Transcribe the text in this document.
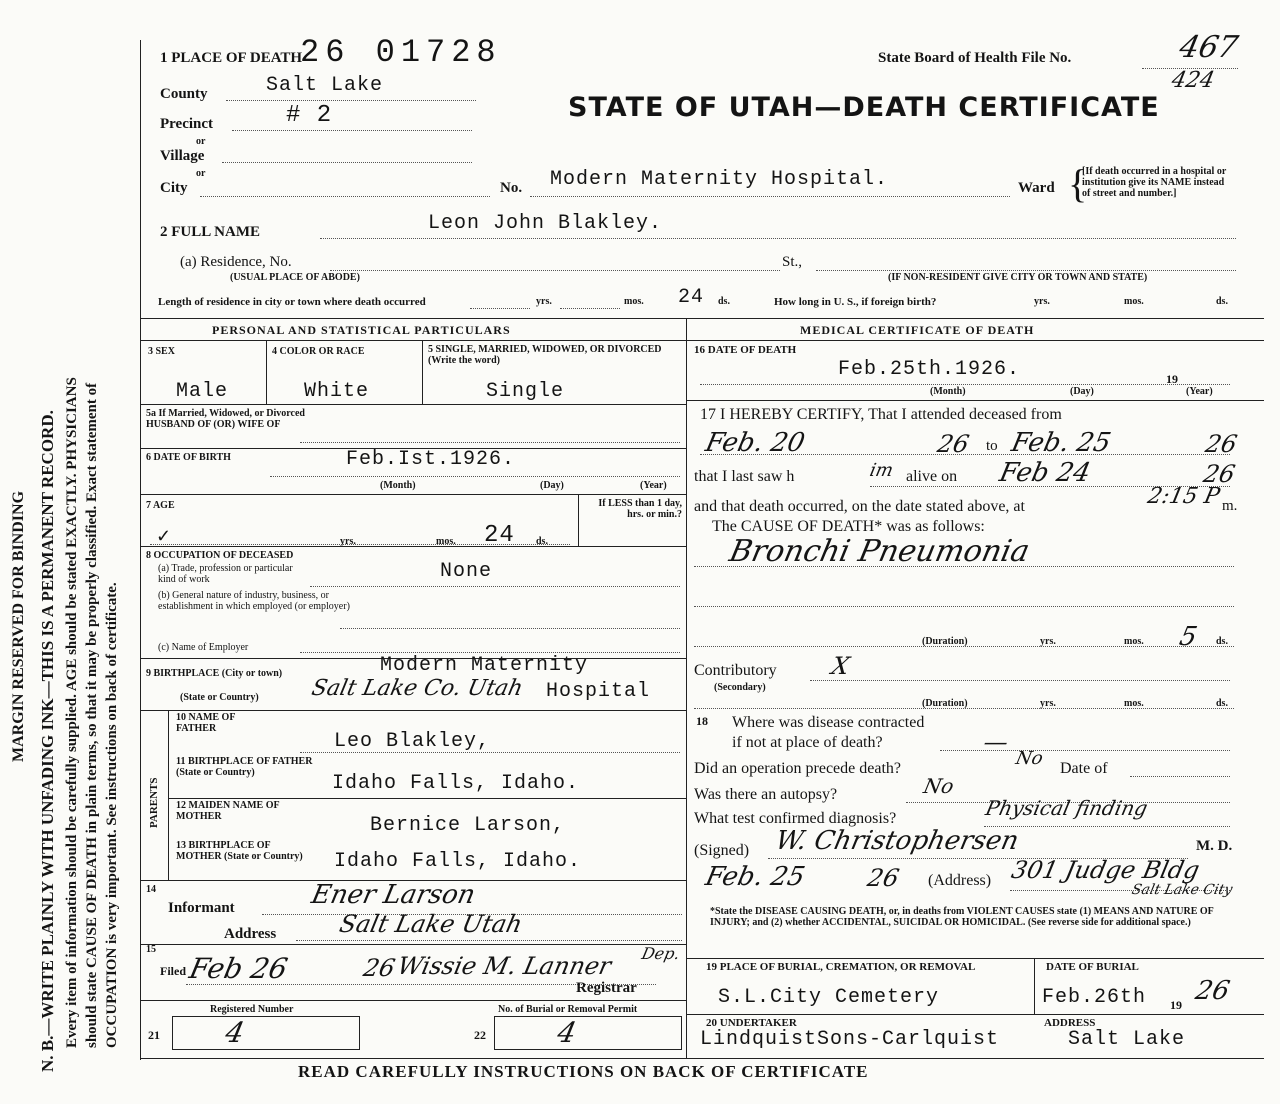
MARGIN RESERVED FOR BINDING N. B.—WRITE PLAINLY WITH UNFADING INK—THIS IS A PERMANENT RECORD. Every item of information should be carefully supplied. AGE should be stated EXACTLY. PHYSICIANS should state CAUSE OF DEATH in plain terms, so that it may be properly classified. Exact statement of OCCUPATION is very important. See instructions on back of certificate.
1 PLACE OF DEATH
26 01728	State Board of Health File No.	467
424
STATE OF UTAH—DEATH CERTIFICATE
County	Salt Lake
Precinct	# 2
or
Village
or
City	No. Modern Maternity Hospital.	Ward {
[If death occurred in a hospital or institution give its NAME instead of street and number.]
2 FULL NAME	Leon John Blakley.
(a) Residence, No.
(USUAL PLACE OF ABODE)
St.,
(IF NON-RESIDENT GIVE CITY OR TOWN AND STATE)
Length of residence in city or town where death occurred	yrs.	mos. 24 ds.	How long in U. S., if foreign birth?	yrs.	mos.	ds.
PERSONAL AND STATISTICAL PARTICULARS	MEDICAL CERTIFICATE OF DEATH
3 SEX
Male
4 COLOR OR RACE
White
5 SINGLE, MARRIED, WIDOWED, OR DIVORCED (Write the word)
Single
5a If Married, Widowed, or Divorced HUSBAND OF (OR) WIFE OF
6 DATE OF BIRTH	Feb.Ist.1926.
(Month)	(Day)	(Year)
7 AGE
✓	yrs.	mos. 24 ds.
If LESS than 1 day, hrs. or min.?
8 OCCUPATION OF DECEASED
(a) Trade, profession or particular kind of work	None
(b) General nature of industry, business, or establishment in which employed (or employer)
(c) Name of Employer
9 BIRTHPLACE (City or town)	Modern Maternity
(State or Country) Salt Lake Co. Utah Hospital
PARENTS
10 NAME OF FATHER
Leo Blakley,
11 BIRTHPLACE OF FATHER (State or Country)	Idaho Falls, Idaho.
12 MAIDEN NAME OF MOTHER	Bernice Larson,
13 BIRTHPLACE OF MOTHER (State or Country)	Idaho Falls, Idaho.
14
Informant	Ener Larson
Address	Salt Lake Utah
15
Filed Feb 26	26
Wissie M. Lanner Dep.
Registrar
Registered Number
21 4
No. of Burial or Removal Permit
22 4
16 DATE OF DEATH
Feb.25th.1926.	19
(Month)	(Day)	(Year)
17 I HEREBY CERTIFY, That I attended deceased from
Feb. 20	26 to Feb. 25	26
that I last saw h	im alive on Feb 24	26
and that death occurred, on the date stated above, at	2:15 P m.
The CAUSE OF DEATH* was as follows:
Bronchi Pneumonia
(Duration)	yrs.	mos. 5 ds.
Contributory
(Secondary)
X
(Duration)	yrs.	mos.	ds.
18 Where was disease contracted
if not at place of death?	—
Did an operation precede death?	No Date of
Was there an autopsy?	No
What test confirmed diagnosis?	Physical finding
(Signed) W. Christophersen	M. D.
Feb. 25 26 (Address) 301 Judge Bldg
Salt Lake City
*State the DISEASE CAUSING DEATH, or, in deaths from VIOLENT CAUSES state (1) MEANS AND NATURE OF INJURY; and (2) whether ACCIDENTAL, SUICIDAL OR HOMICIDAL. (See reverse side for additional space.)
19 PLACE OF BURIAL, CREMATION, OR REMOVAL	DATE OF BURIAL
S.L.City Cemetery	Feb.26th 19 26
20 UNDERTAKER	ADDRESS
LindquistSons-Carlquist	Salt Lake
READ CAREFULLY INSTRUCTIONS ON BACK OF CERTIFICATE
